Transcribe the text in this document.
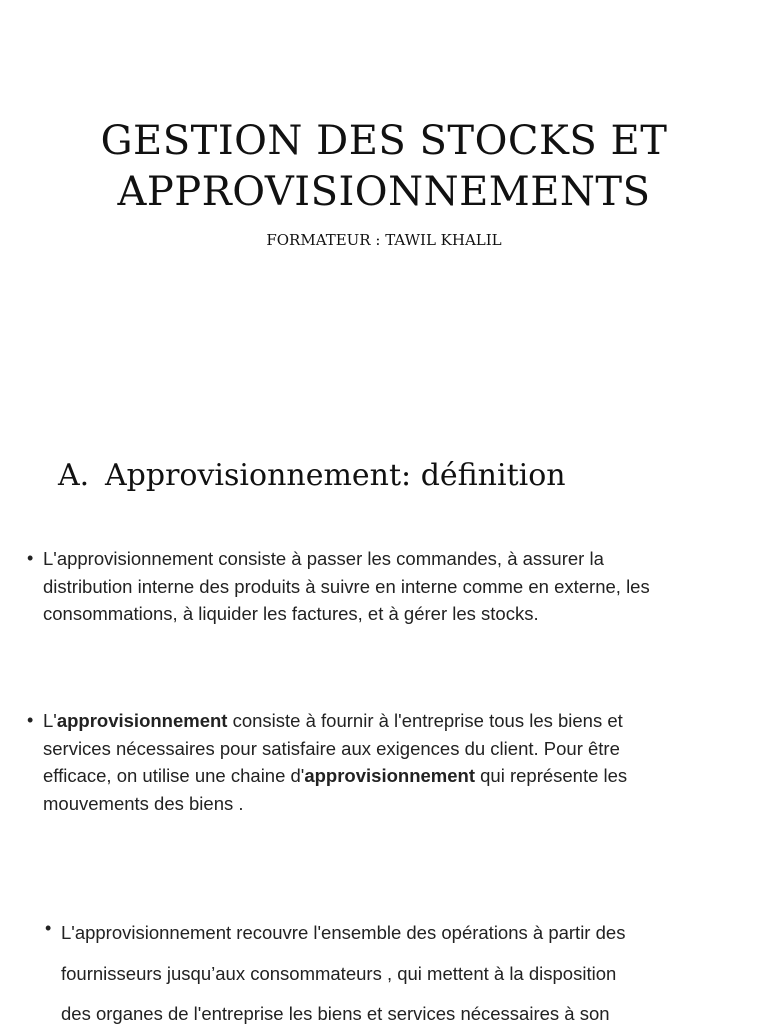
GESTION DES STOCKS ET
APPROVISIONNEMENTS
FORMATEUR : TAWIL KHALIL
A. Approvisionnement: définition
• L'approvisionnement consiste à passer les commandes, à assurer la
distribution interne des produits à suivre en interne comme en externe, les
consommations, à liquider les factures, et à gérer les stocks.
• L'approvisionnement consiste à fournir à l'entreprise tous les biens et
services nécessaires pour satisfaire aux exigences du client. Pour être
efficace, on utilise une chaine d'approvisionnement qui représente les
mouvements des biens .
• L'approvisionnement recouvre l'ensemble des opérations à partir des
fournisseurs jusqu’aux consommateurs , qui mettent à la disposition
des organes de l'entreprise les biens et services nécessaires à son
